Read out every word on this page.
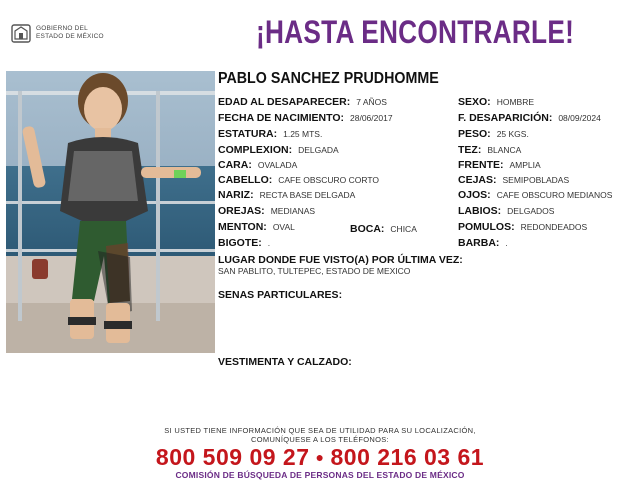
GOBIERNO DEL
ESTADO DE MÉXICO	¡HASTA ENCONTRARLE!
PABLO SANCHEZ PRUDHOMME
EDAD AL DESAPARECER: 7 AÑOS
FECHA DE NACIMIENTO: 28/06/2017
ESTATURA: 1.25 MTS.
COMPLEXION: DELGADA
CARA: OVALADA
CABELLO: CAFE OBSCURO CORTO
NARIZ: RECTA BASE DELGADA
OREJAS: MEDIANAS
MENTON: OVAL	BOCA: CHICA
BIGOTE: .
SEXO: HOMBRE
F. DESAPARICIÓN: 08/09/2024
PESO: 25 KGS.
TEZ: BLANCA
FRENTE: AMPLIA
CEJAS: SEMIPOBLADAS
OJOS: CAFE OBSCURO MEDIANOS
LABIOS: DELGADOS
POMULOS: REDONDEADOS
BARBA: .
LUGAR DONDE FUE VISTO(A) POR ÚLTIMA VEZ:
SAN PABLITO, TULTEPEC, ESTADO DE MEXICO
SENAS PARTICULARES:
VESTIMENTA Y CALZADO:
SI USTED TIENE INFORMACIÓN QUE SEA DE UTILIDAD PARA SU LOCALIZACIÓN,
COMUNÍQUESE A LOS TELÉFONOS:
800 509 09 27 ● 800 216 03 61
COMISIÓN DE BÚSQUEDA DE PERSONAS DEL ESTADO DE MÉXICO
